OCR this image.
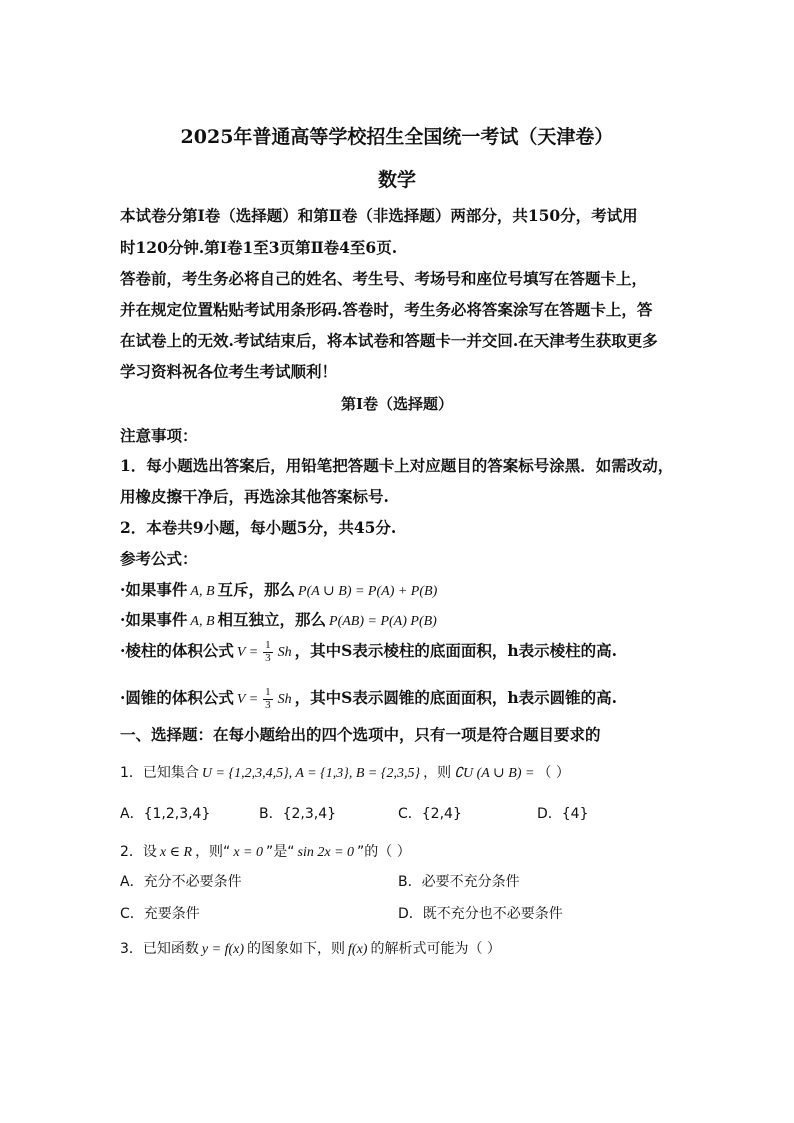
2025年普通高等学校招生全国统一考试（天津卷）
数学
本试卷分第Ⅰ卷（选择题）和第Ⅱ卷（非选择题）两部分，共150分，考试用
时120分钟.第Ⅰ卷1至3页第Ⅱ卷4至6页.
答卷前，考生务必将自己的姓名、考生号、考场号和座位号填写在答题卡上，
并在规定位置粘贴考试用条形码.答卷时，考生务必将答案涂写在答题卡上，答
在试卷上的无效.考试结束后，将本试卷和答题卡一并交回.在天津考生获取更多
学习资料祝各位考生考试顺利！
第Ⅰ卷（选择题）
注意事项：
1．每小题选出答案后，用铅笔把答题卡上对应题目的答案标号涂黑．如需改动，
用橡皮擦干净后，再选涂其他答案标号.
2．本卷共9小题，每小题5分，共45分.
参考公式：
·如果事件 A, B 互斥，那么 P(A ∪ B) = P(A) + P(B)
·如果事件 A, B 相互独立，那么 P(AB) = P(A) P(B)
·棱柱的体积公式 $V = \frac{1}{3}$ Sh ，其中S表示棱柱的底面面积，h表示棱柱的高.
·圆锥的体积公式 $V = \frac{1}{3}$ Sh ，其中S表示圆锥的底面面积，h表示圆锥的高.
一、选择题：在每小题给出的四个选项中，只有一项是符合题目要求的
1．已知集合 U = {1,2,3,4,5}, A = {1,3}, B = {2,3,5} ，则 ∁U (A ∪ B) = （ ）
A．{1,2,3,4}	B．{2,3,4}	C．{2,4}	D．{4}
2．设 x ∈ R ，则“ x = 0 ”是“ sin 2x = 0 ”的（ ）
A．充分不必要条件	B．必要不充分条件
C．充要条件	D．既不充分也不必要条件
3．已知函数 y = f(x) 的图象如下，则 f(x) 的解析式可能为（ ）
